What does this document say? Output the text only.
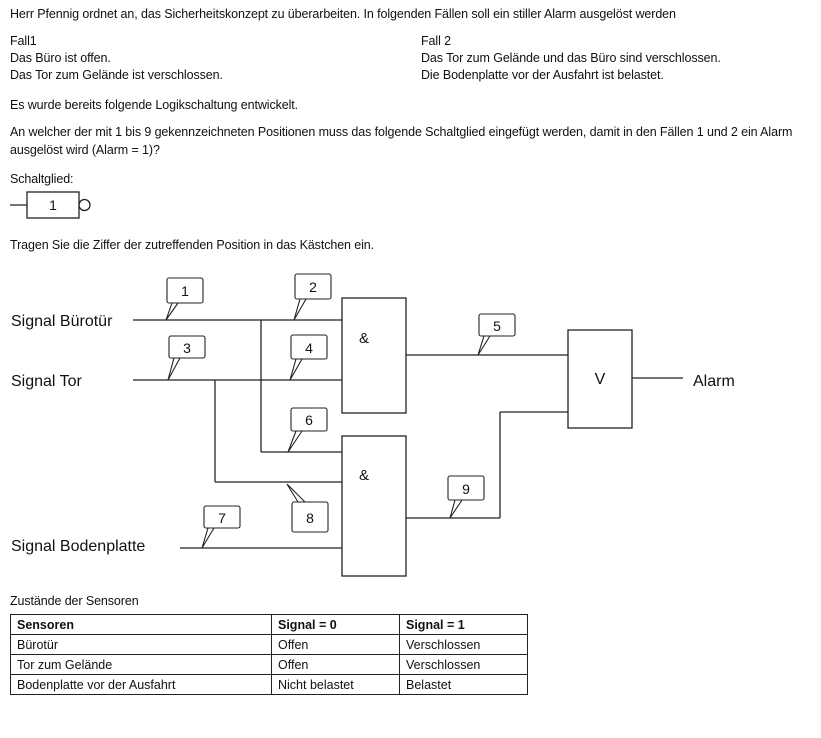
Herr Pfennig ordnet an, das Sicherheitskonzept zu überarbeiten. In folgenden Fällen soll ein stiller Alarm ausgelöst werden
Fall1
Das Büro ist offen.
Das Tor zum Gelände ist verschlossen.
Fall 2
Das Tor zum Gelände und das Büro sind verschlossen.
Die Bodenplatte vor der Ausfahrt ist belastet.
Es wurde bereits folgende Logikschaltung entwickelt.
An welcher der mit 1 bis 9 gekennzeichneten Positionen muss das folgende Schaltglied eingefügt werden, damit in den Fällen 1 und 2 ein Alarm
ausgelöst wird (Alarm = 1)?
Schaltglied:
Tragen Sie die Ziffer der zutreffenden Position in das Kästchen ein.
1
1	2
3	4
5
6
7	8
9
&
&
V
Signal Bürotür
Signal Tor
Signal Bodenplatte
Alarm
Zustände der Sensoren
Sensoren	Signal = 0	Signal = 1
Bürotür	Offen	Verschlossen
Tor zum Gelände	Offen	Verschlossen
Bodenplatte vor der Ausfahrt	Nicht belastet	Belastet
